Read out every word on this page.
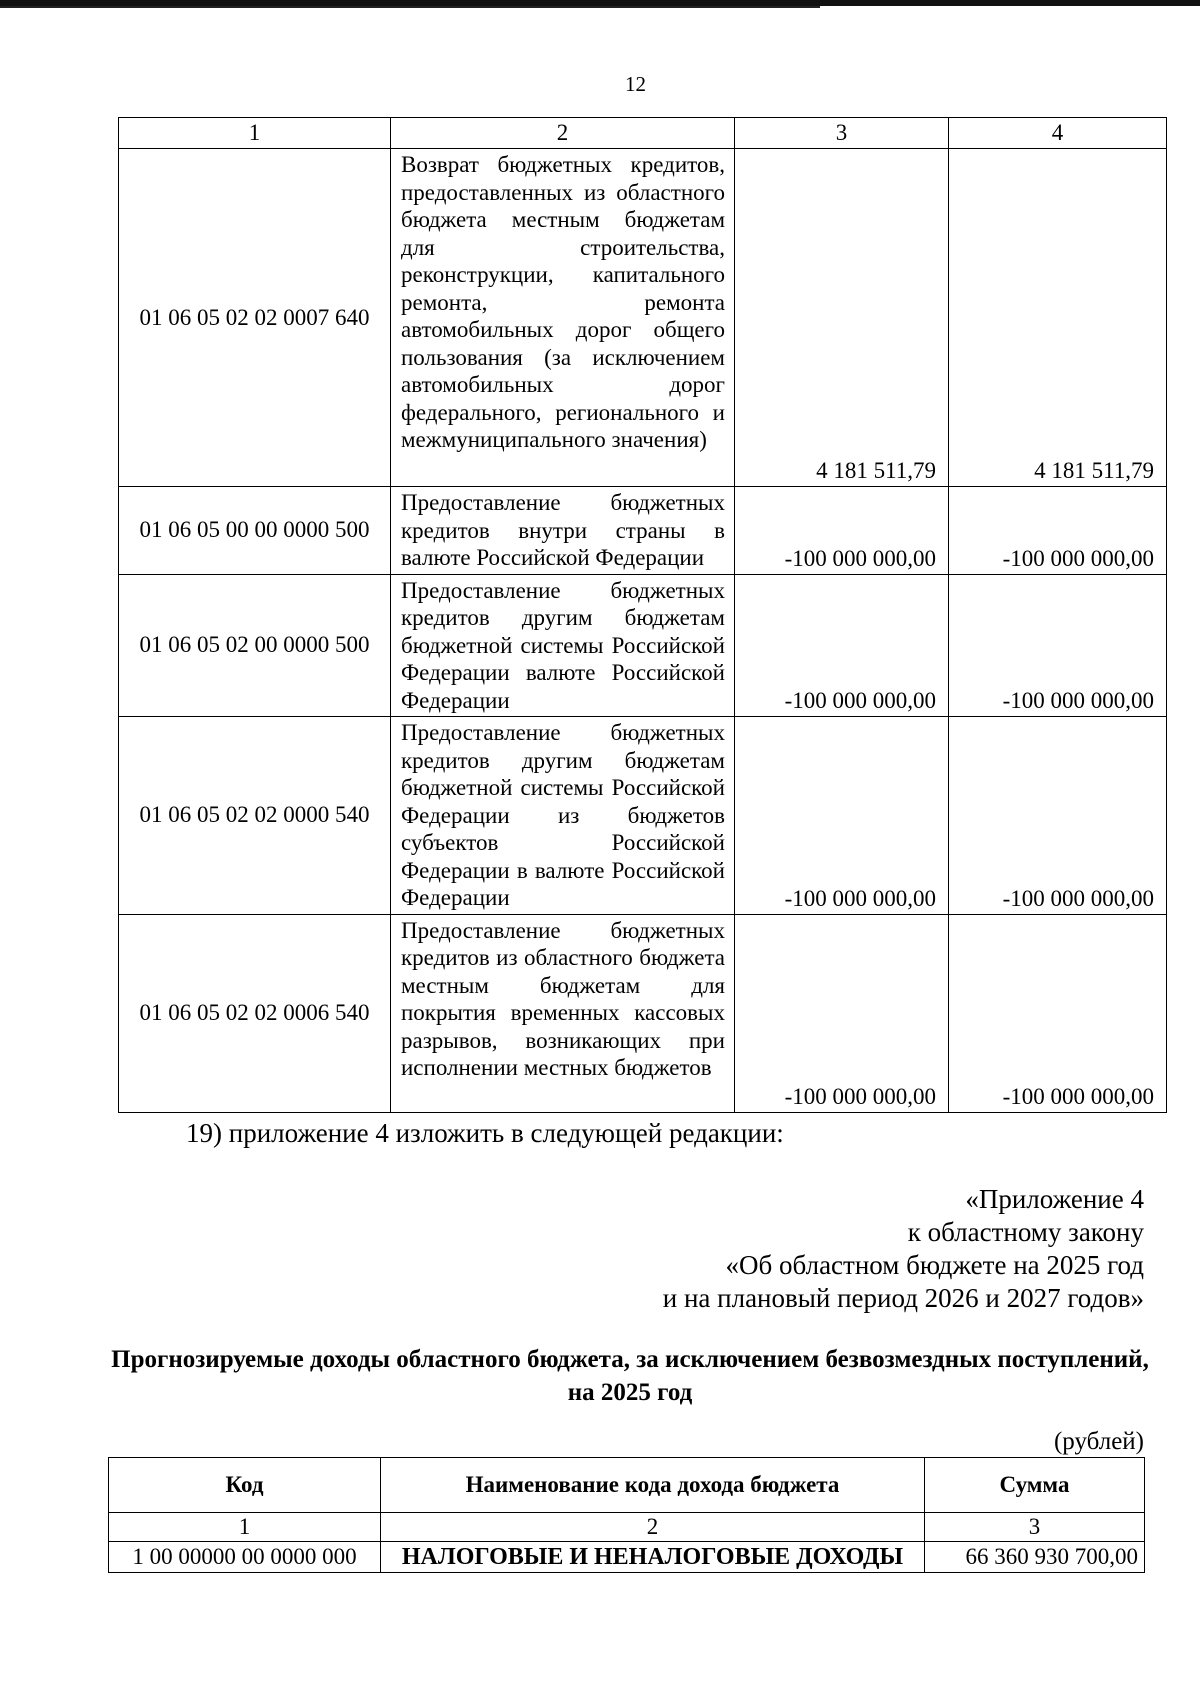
12
1	2	3	4
01 06 05 02 02 0007 640	Возврат бюджетных кредитов, предоставленных из областного бюджета местным бюджетам для строительства, реконструкции, капитального ремонта, ремонта автомобильных дорог общего пользования (за исключением автомобильных дорог федерального, регионального и межмуниципального значения)	4 181 511,79	4 181 511,79
01 06 05 00 00 0000 500	Предоставление бюджетных кредитов внутри страны в валюте Российской Федерации	-100 000 000,00	-100 000 000,00
01 06 05 02 00 0000 500	Предоставление бюджетных кредитов другим бюджетам бюджетной системы Российской Федерации валюте Российской Федерации	-100 000 000,00	-100 000 000,00
01 06 05 02 02 0000 540	Предоставление бюджетных кредитов другим бюджетам бюджетной системы Российской Федерации из бюджетов субъектов Российской Федерации в валюте Российской Федерации	-100 000 000,00	-100 000 000,00
01 06 05 02 02 0006 540	Предоставление бюджетных кредитов из областного бюджета местным бюджетам для покрытия временных кассовых разрывов, возникающих при исполнении местных бюджетов	-100 000 000,00	-100 000 000,00
19) приложение 4 изложить в следующей редакции:
«Приложение 4
к областному закону
«Об областном бюджете на 2025 год
и на плановый период 2026 и 2027 годов»
Прогнозируемые доходы областного бюджета, за исключением безвозмездных поступлений, на 2025 год
(рублей)
Код	Наименование кода дохода бюджета	Сумма
1	2	3
1 00 00000 00 0000 000	НАЛОГОВЫЕ И НЕНАЛОГОВЫЕ ДОХОДЫ	66 360 930 700,00
